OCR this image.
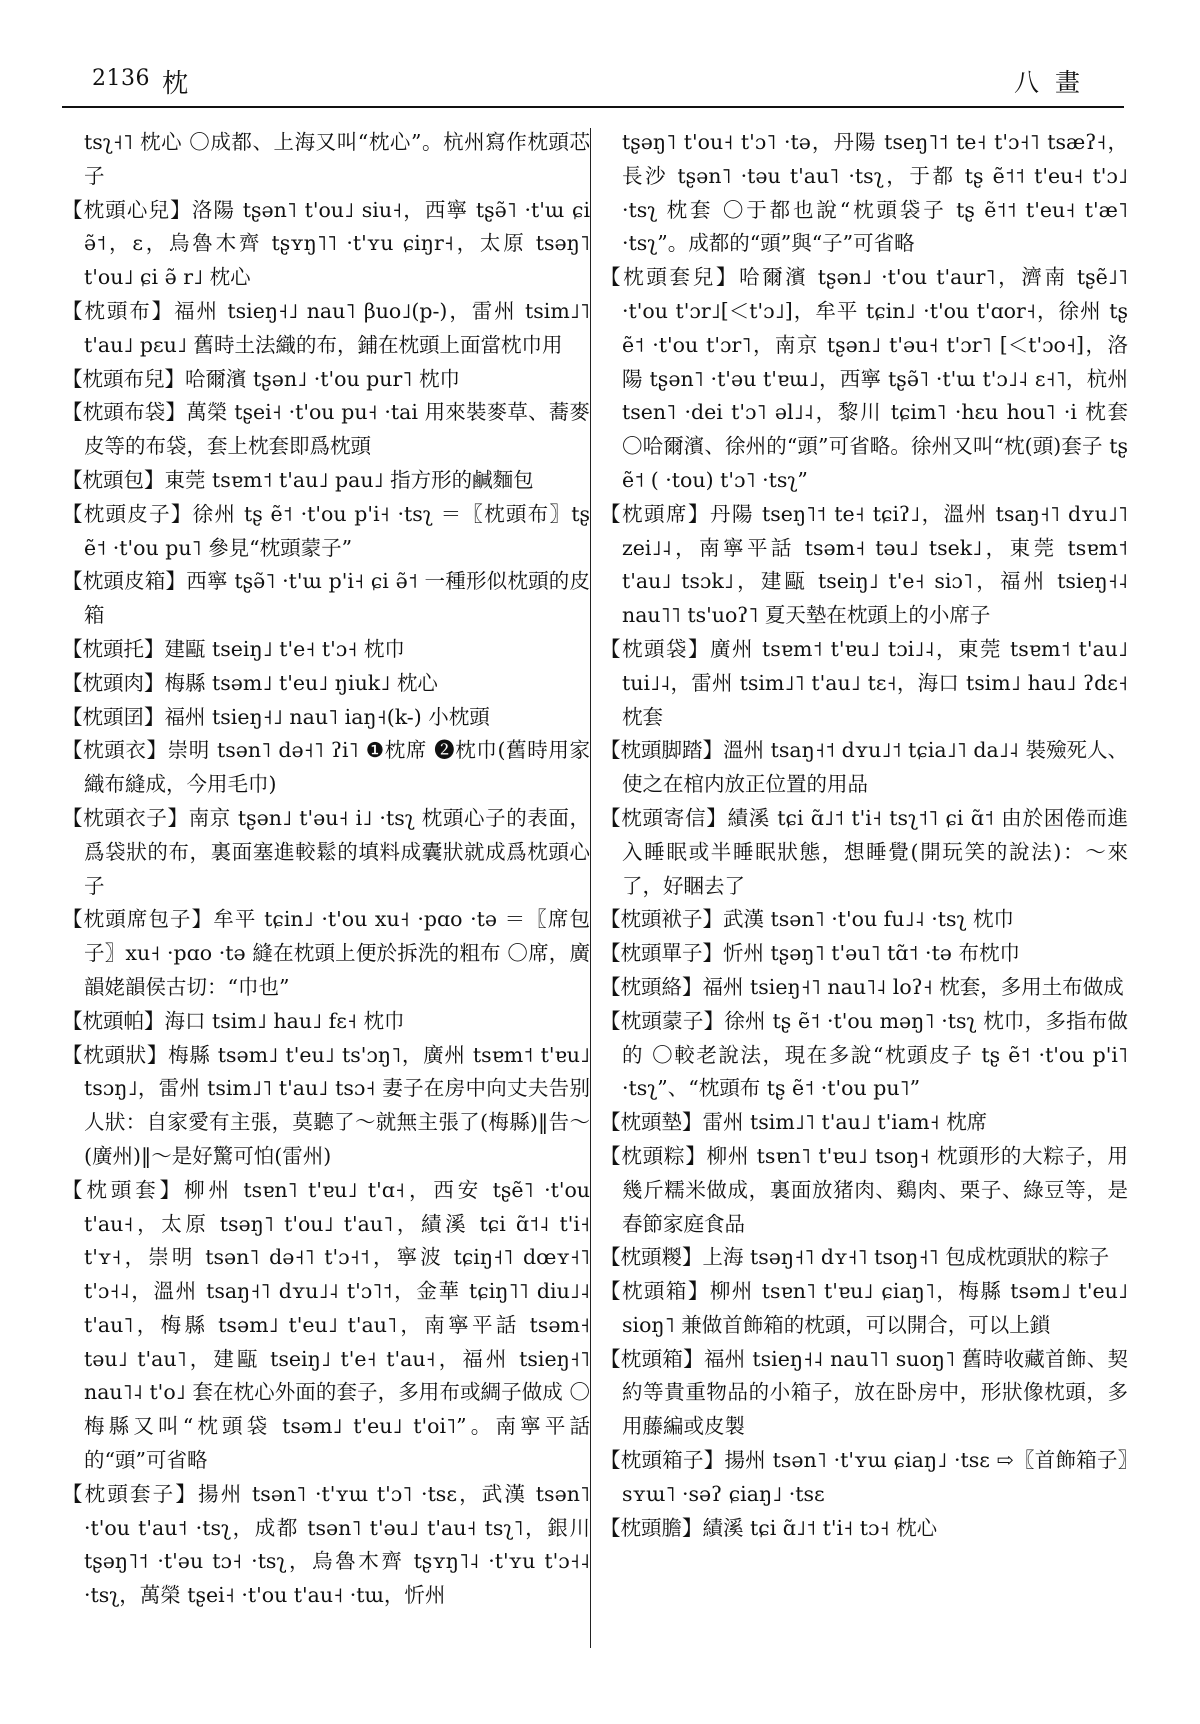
2136 枕	八畫
tsʅ˧˥ 枕心 〇成都、上海又叫“枕心”。杭州寫作枕頭芯子
【枕頭心兒】洛陽 tʂən˥ t'ou˩ siu˧，西寧 tʂə̃˥ ·t'ɯ ɕi ə̃˦，ɛ，烏魯木齊 tʂʏŋ˥˥ ·t'ʏu ɕiŋr˧，太原 tsəŋ˥ t'ou˩ ɕi ə̃ r˩ 枕心
【枕頭布】福州 tsieŋ˧˩ nau˥ βuo˩(p-)，雷州 tsim˩˥ t'au˩ pɛu˩ 舊時土法織的布，鋪在枕頭上面當枕巾用
【枕頭布兒】哈爾濱 tʂən˩ ·t'ou pur˥ 枕巾
【枕頭布袋】萬榮 tʂei˧ ·t'ou pu˧ ·tai 用來裝麥草、蕎麥皮等的布袋，套上枕套即爲枕頭
【枕頭包】東莞 tsɐm˦ t'au˩ pau˩ 指方形的鹹麵包
【枕頭皮子】徐州 tʂ ẽ˦ ·t'ou p'i˧ ·tsʅ ＝〖枕頭布〗tʂ ẽ˦ ·t'ou pu˥ 參見“枕頭蒙子”
【枕頭皮箱】西寧 tʂə̃˥ ·t'ɯ p'i˧ ɕi ə̃˦ 一種形似枕頭的皮箱
【枕頭托】建甌 tseiŋ˩ t'e˧ t'ɔ˧ 枕巾
【枕頭肉】梅縣 tsəm˩ t'eu˩ ŋiuk˩ 枕心
【枕頭囝】福州 tsieŋ˧˩ nau˥ iaŋ˧(k-) 小枕頭
【枕頭衣】崇明 tsən˥ də˧˥ ʔi˥ ❶枕席 ❷枕巾(舊時用家織布縫成，今用毛巾)
【枕頭衣子】南京 tʂən˩ t'əu˧ i˩ ·tsʅ 枕頭心子的表面，爲袋狀的布，裏面塞進較鬆的填料成囊狀就成爲枕頭心子
【枕頭席包子】牟平 tɕin˩ ·t'ou xu˧ ·pɑo ·tə ＝〖席包子〗xu˧ ·pɑo ·tə 縫在枕頭上便於拆洗的粗布 〇席，廣韻姥韻侯古切：“巾也”
【枕頭帕】海口 tsim˩ hau˩ fɛ˧ 枕巾
【枕頭狀】梅縣 tsəm˩ t'eu˩ ts'ɔŋ˥，廣州 tsɐm˦ t'ɐu˩ tsɔŋ˩，雷州 tsim˩˥ t'au˩ tsɔ˧ 妻子在房中向丈夫告别人狀：自家愛有主張，莫聽了～就無主張了(梅縣)‖告～(廣州)‖～是好驚可怕(雷州)
【枕頭套】柳州 tsɐn˥ t'ɐu˩ t'ɑ˧，西安 tʂẽ˥ ·t'ou t'au˧，太原 tsəŋ˥ t'ou˩ t'au˥，績溪 tɕi ɑ̃˦˨ t'i˧ t'ʏ˧，崇明 tsən˥ də˧˥ t'ɔ˧˦，寧波 tɕiŋ˧˥ dœʏ˧˥ t'ɔ˧˨，溫州 tsaŋ˧˥ dʏu˩˨ t'ɔ˥˦，金華 tɕiŋ˥˥ diu˩˨ t'au˥，梅縣 tsəm˩ t'eu˩ t'au˥，南寧平話 tsəm˧ təu˩ t'au˥，建甌 tseiŋ˩ t'e˧ t'au˧，福州 tsieŋ˧˥ nau˥˨ t'o˩ 套在枕心外面的套子，多用布或綢子做成 〇梅縣又叫“枕頭袋 tsəm˩ t'eu˩ t'oi˥”。南寧平話的“頭”可省略
【枕頭套子】揚州 tsən˥ ·t'ʏɯ t'ɔ˥ ·tsɛ，武漢 tsən˥ ·t'ou t'au˦ ·tsʅ，成都 tsən˥ t'əu˩ t'au˧ tsʅ˥，銀川 tʂəŋ˥˦ ·t'əu tɔ˧ ·tsʅ，烏魯木齊 tʂʏŋ˥˨ ·t'ʏu t'ɔ˧˨ ·tsʅ，萬榮 tʂei˧ ·t'ou t'au˧ ·tɯ，忻州
tʂəŋ˥ t'ou˧ t'ɔ˥ ·tə，丹陽 tseŋ˥˦ te˧ t'ɔ˧˥ tsæʔ˧，長沙 tʂən˥ ·təu t'au˥ ·tsʅ，于都 tʂ ẽ˦˦ t'eu˧ t'ɔ˩ ·tsʅ 枕套 〇于都也說“枕頭袋子 tʂ ẽ˦˦ t'eu˧ t'æ˥ ·tsʅ”。成都的“頭”與“子”可省略
【枕頭套兒】哈爾濱 tʂən˩ ·t'ou t'aur˥，濟南 tʂẽ˩˥ ·t'ou t'ɔr˩[＜t'ɔ˩]，牟平 tɕin˩ ·t'ou t'ɑor˧，徐州 tʂ ẽ˦ ·t'ou t'ɔr˥，南京 tʂən˩ t'əu˧ t'ɔr˥ [＜t'ɔo˧]，洛陽 tʂən˥ ·t'əu t'ɐɯ˩，西寧 tʂə̃˥ ·t'ɯ t'ɔ˩˨ ɛ˧˥，杭州 tsen˥ ·dei t'ɔ˥ əl˩˨，黎川 tɕim˥ ·hɛu hou˥ ·i 枕套 〇哈爾濱、徐州的“頭”可省略。徐州又叫“枕(頭)套子 tʂ ẽ˦ ( ·tou) t'ɔ˥ ·tsʅ”
【枕頭席】丹陽 tseŋ˥˦ te˧ tɕiʔ˩，溫州 tsaŋ˧˥ dʏu˩˥ zei˩˨，南寧平話 tsəm˧ təu˩ tsek˩，東莞 tsɐm˦ t'au˩ tsɔk˩，建甌 tseiŋ˩ t'e˧ siɔ˥，福州 tsieŋ˧˨ nau˥˥ ts'uoʔ˥ 夏天墊在枕頭上的小席子
【枕頭袋】廣州 tsɐm˦ t'ɐu˩ tɔi˩˨，東莞 tsɐm˦ t'au˩ tui˩˨，雷州 tsim˩˥ t'au˩ tɛ˧，海口 tsim˩ hau˩ ʔdɛ˧ 枕套
【枕頭脚踏】溫州 tsaŋ˧˦ dʏu˩˦ tɕia˩˥ da˩˨ 裝殮死人、使之在棺内放正位置的用品
【枕頭寄信】績溪 tɕi ɑ̃˩˦ t'i˧ tsʅ˦˥ ɕi ɑ̃˦ 由於困倦而進入睡眠或半睡眠狀態，想睡覺(開玩笑的說法)：～來了，好睏去了
【枕頭袱子】武漢 tsən˥ ·t'ou fu˩˨ ·tsʅ 枕巾
【枕頭單子】忻州 tʂəŋ˥ t'əu˥ tɑ̃˦ ·tə 布枕巾
【枕頭絡】福州 tsieŋ˧˥ nau˥˨ loʔ˧ 枕套，多用土布做成
【枕頭蒙子】徐州 tʂ ẽ˦ ·t'ou məŋ˥ ·tsʅ 枕巾，多指布做的 〇較老說法，現在多說“枕頭皮子 tʂ ẽ˦ ·t'ou p'i˥ ·tsʅ”、“枕頭布 tʂ ẽ˦ ·t'ou pu˥”
【枕頭墊】雷州 tsim˩˥ t'au˩ t'iam˧ 枕席
【枕頭粽】柳州 tsɐn˥ t'ɐu˩ tsoŋ˧ 枕頭形的大粽子，用幾斤糯米做成，裏面放猪肉、鷄肉、栗子、綠豆等，是春節家庭食品
【枕頭糉】上海 tsəŋ˧˥ dʏ˧˥ tsoŋ˧˥ 包成枕頭狀的粽子
【枕頭箱】柳州 tsɐn˥ t'ɐu˩ ɕiaŋ˥，梅縣 tsəm˩ t'eu˩ sioŋ˥ 兼做首飾箱的枕頭，可以開合，可以上鎖
【枕頭箱】福州 tsieŋ˧˨ nau˥˥ suoŋ˥ 舊時收藏首飾、契約等貴重物品的小箱子，放在卧房中，形狀像枕頭，多用藤編或皮製
【枕頭箱子】揚州 tsən˥ ·t'ʏɯ ɕiaŋ˩ ·tsɛ ⇨〖首飾箱子〗sʏɯ˥ ·səʔ ɕiaŋ˩ ·tsɛ
【枕頭膽】績溪 tɕi ɑ̃˩˦ t'i˧ tɔ˧ 枕心
